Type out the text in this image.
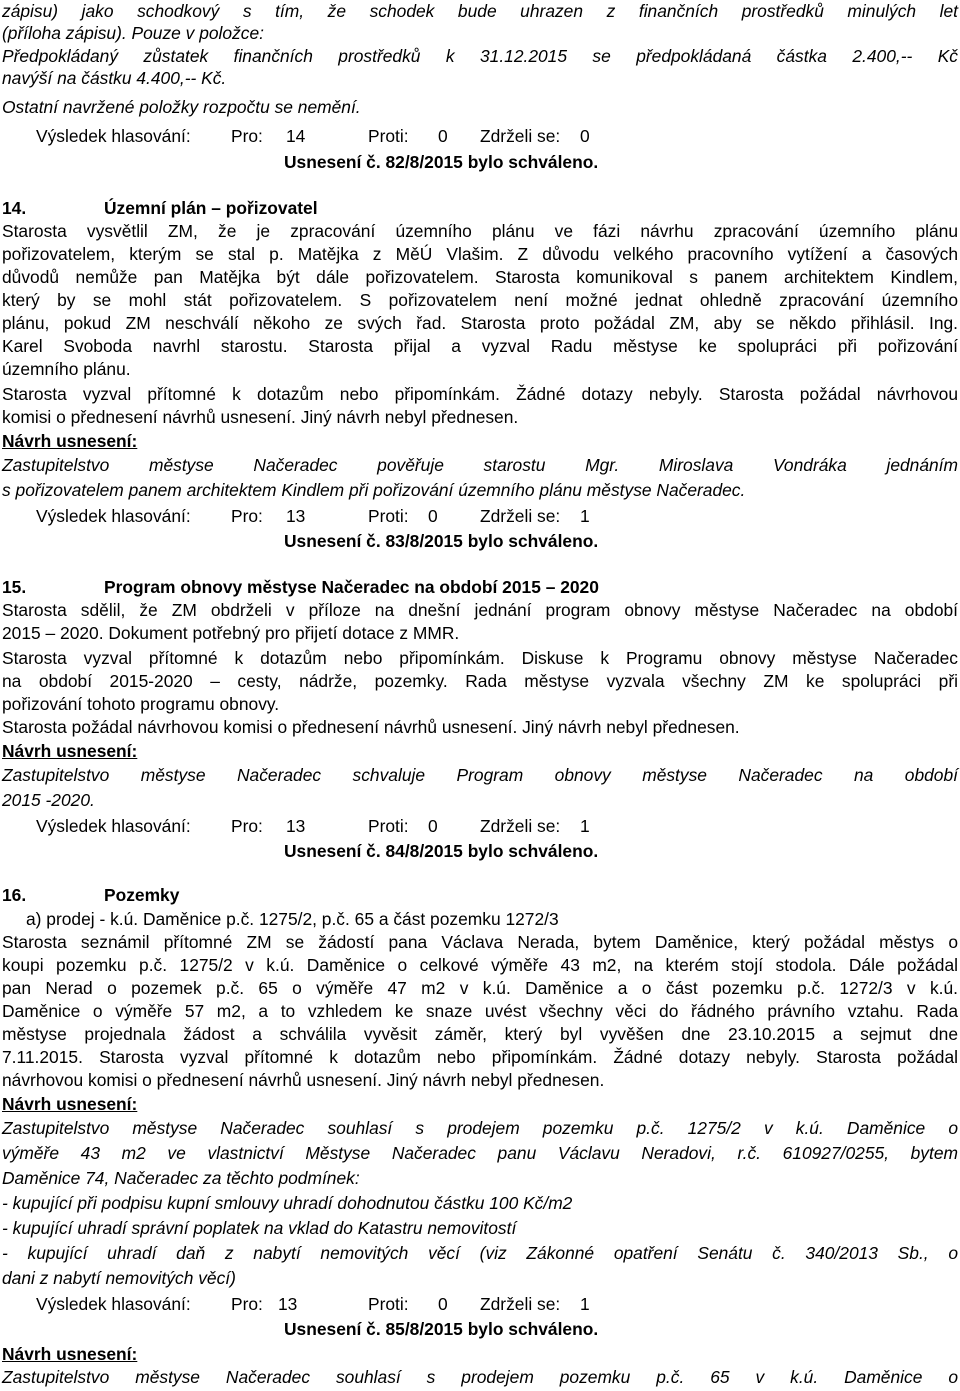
zápisu) jako schodkový s tím, že schodek bude uhrazen z finančních prostředků minulých let
(příloha zápisu). Pouze v položce:
Předpokládaný zůstatek finančních prostředků k 31.12.2015 se předpokládaná částka 2.400,-- Kč
navýší na částku 4.400,-- Kč.
Ostatní navržené položky rozpočtu se nemění.
Výsledek hlasování: Pro: 14	Proti: 0 Zdrželi se: 0
Usnesení č. 82/8/2015 bylo schváleno.
14.	Územní plán – pořizovatel
Starosta vysvětlil ZM, že je zpracování územního plánu ve fázi návrhu zpracování územního plánu
pořizovatelem, kterým se stal p. Matějka z MěÚ Vlašim. Z důvodu velkého pracovního vytížení a časových
důvodů nemůže pan Matějka být dále pořizovatelem. Starosta komunikoval s panem architektem Kindlem,
který by se mohl stát pořizovatelem. S pořizovatelem není možné jednat ohledně zpracování územního
plánu, pokud ZM neschválí někoho ze svých řad. Starosta proto požádal ZM, aby se někdo přihlásil. Ing.
Karel Svoboda navrhl starostu. Starosta přijal a vyzval Radu městyse ke spolupráci při pořizování
územního plánu.
Starosta vyzval přítomné k dotazům nebo připomínkám. Žádné dotazy nebyly. Starosta požádal návrhovou
komisi o přednesení návrhů usnesení. Jiný návrh nebyl přednesen.
Návrh usnesení:
Zastupitelstvo městyse Načeradec pověřuje starostu Mgr. Miroslava Vondráka jednáním
s pořizovatelem panem architektem Kindlem při pořizování územního plánu městyse Načeradec.
Výsledek hlasování: Pro: 13	Proti: 0 Zdrželi se: 1
Usnesení č. 83/8/2015 bylo schváleno.
15.	Program obnovy městyse Načeradec na období 2015 – 2020
Starosta sdělil, že ZM obdrželi v příloze na dnešní jednání program obnovy městyse Načeradec na období
2015 – 2020. Dokument potřebný pro přijetí dotace z MMR.
Starosta vyzval přítomné k dotazům nebo připomínkám. Diskuse k Programu obnovy městyse Načeradec
na období 2015-2020 – cesty, nádrže, pozemky. Rada městyse vyzvala všechny ZM ke spolupráci při
pořizování tohoto programu obnovy.
Starosta požádal návrhovou komisi o přednesení návrhů usnesení. Jiný návrh nebyl přednesen.
Návrh usnesení:
Zastupitelstvo městyse Načeradec schvaluje Program obnovy městyse Načeradec na období
2015 -2020.
Výsledek hlasování: Pro: 13	Proti: 0 Zdrželi se: 1
Usnesení č. 84/8/2015 bylo schváleno.
16.	Pozemky
a) prodej - k.ú. Daměnice p.č. 1275/2, p.č. 65 a část pozemku 1272/3
Starosta seznámil přítomné ZM se žádostí pana Václava Nerada, bytem Daměnice, který požádal městys o
koupi pozemku p.č. 1275/2 v k.ú. Daměnice o celkové výměře 43 m2, na kterém stojí stodola. Dále požádal
pan Nerad o pozemek p.č. 65 o výměře 47 m2 v k.ú. Daměnice a o část pozemku p.č. 1272/3 v k.ú.
Daměnice o výměře 57 m2, a to vzhledem ke snaze uvést všechny věci do řádného právního vztahu. Rada
městyse projednala žádost a schválila vyvěsit záměr, který byl vyvěšen dne 23.10.2015 a sejmut dne
7.11.2015. Starosta vyzval přítomné k dotazům nebo připomínkám. Žádné dotazy nebyly. Starosta požádal
návrhovou komisi o přednesení návrhů usnesení. Jiný návrh nebyl přednesen.
Návrh usnesení:
Zastupitelstvo městyse Načeradec souhlasí s prodejem pozemku p.č. 1275/2 v k.ú. Daměnice o
výměře 43 m2 ve vlastnictví Městyse Načeradec panu Václavu Neradovi, r.č. 610927/0255, bytem
Daměnice 74, Načeradec za těchto podmínek:
- kupující při podpisu kupní smlouvy uhradí dohodnutou částku 100 Kč/m2
- kupující uhradí správní poplatek na vklad do Katastru nemovitostí
- kupující uhradí daň z nabytí nemovitých věcí (viz Zákonné opatření Senátu č. 340/2013 Sb., o
dani z nabytí nemovitých věcí)
Výsledek hlasování: Pro: 13	Proti: 0 Zdrželi se: 1
Usnesení č. 85/8/2015 bylo schváleno.
Návrh usnesení:
Zastupitelstvo městyse Načeradec souhlasí s prodejem pozemku p.č. 65 v k.ú. Daměnice o
